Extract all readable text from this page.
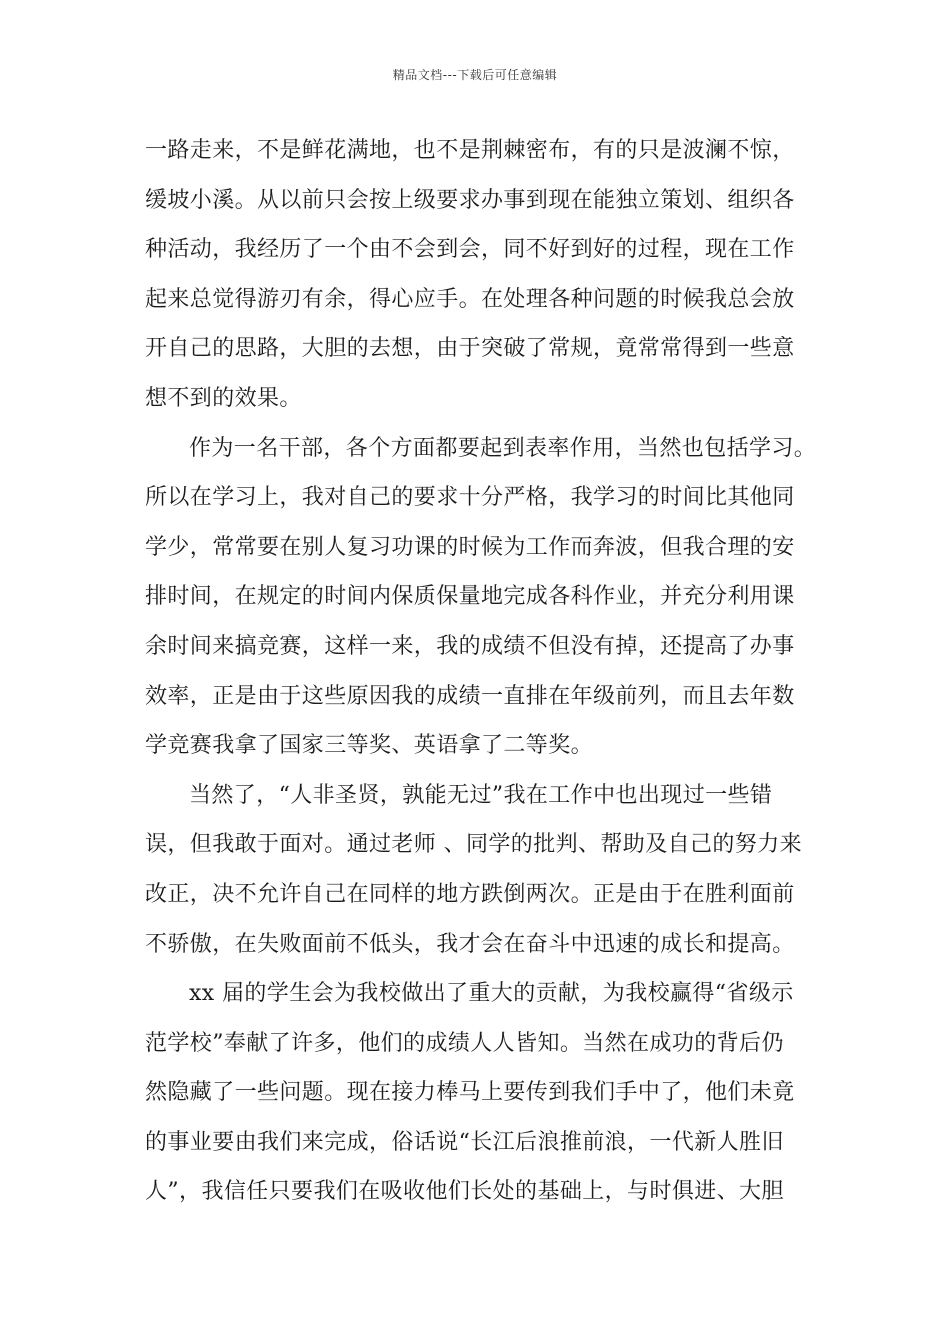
精品文档---下载后可任意编辑
一路走来，不是鲜花满地，也不是荆棘密布，有的只是波澜不惊，
缓坡小溪。从以前只会按上级要求办事到现在能独立策划、组织各
种活动，我经历了一个由不会到会，同不好到好的过程，现在工作
起来总觉得游刃有余，得心应手。在处理各种问题的时候我总会放
开自己的思路，大胆的去想，由于突破了常规，竟常常得到一些意
想不到的效果。
作为一名干部，各个方面都要起到表率作用，当然也包括学习。
所以在学习上，我对自己的要求十分严格，我学习的时间比其他同
学少，常常要在别人复习功课的时候为工作而奔波，但我合理的安
排时间，在规定的时间内保质保量地完成各科作业，并充分利用课
余时间来搞竞赛，这样一来，我的成绩不但没有掉，还提高了办事
效率，正是由于这些原因我的成绩一直排在年级前列，而且去年数
学竞赛我拿了国家三等奖、英语拿了二等奖。
当然了，“人非圣贤，孰能无过”我在工作中也出现过一些错
误，但我敢于面对。通过老师 、同学的批判、帮助及自己的努力来
改正，决不允许自己在同样的地方跌倒两次。正是由于在胜利面前
不骄傲，在失败面前不低头，我才会在奋斗中迅速的成长和提高。
xx 届的学生会为我校做出了重大的贡献，为我校赢得“省级示
范学校”奉献了许多，他们的成绩人人皆知。当然在成功的背后仍
然隐藏了一些问题。现在接力棒马上要传到我们手中了，他们未竟
的事业要由我们来完成，俗话说“长江后浪推前浪，一代新人胜旧
人”，我信任只要我们在吸收他们长处的基础上，与时俱进、大胆
